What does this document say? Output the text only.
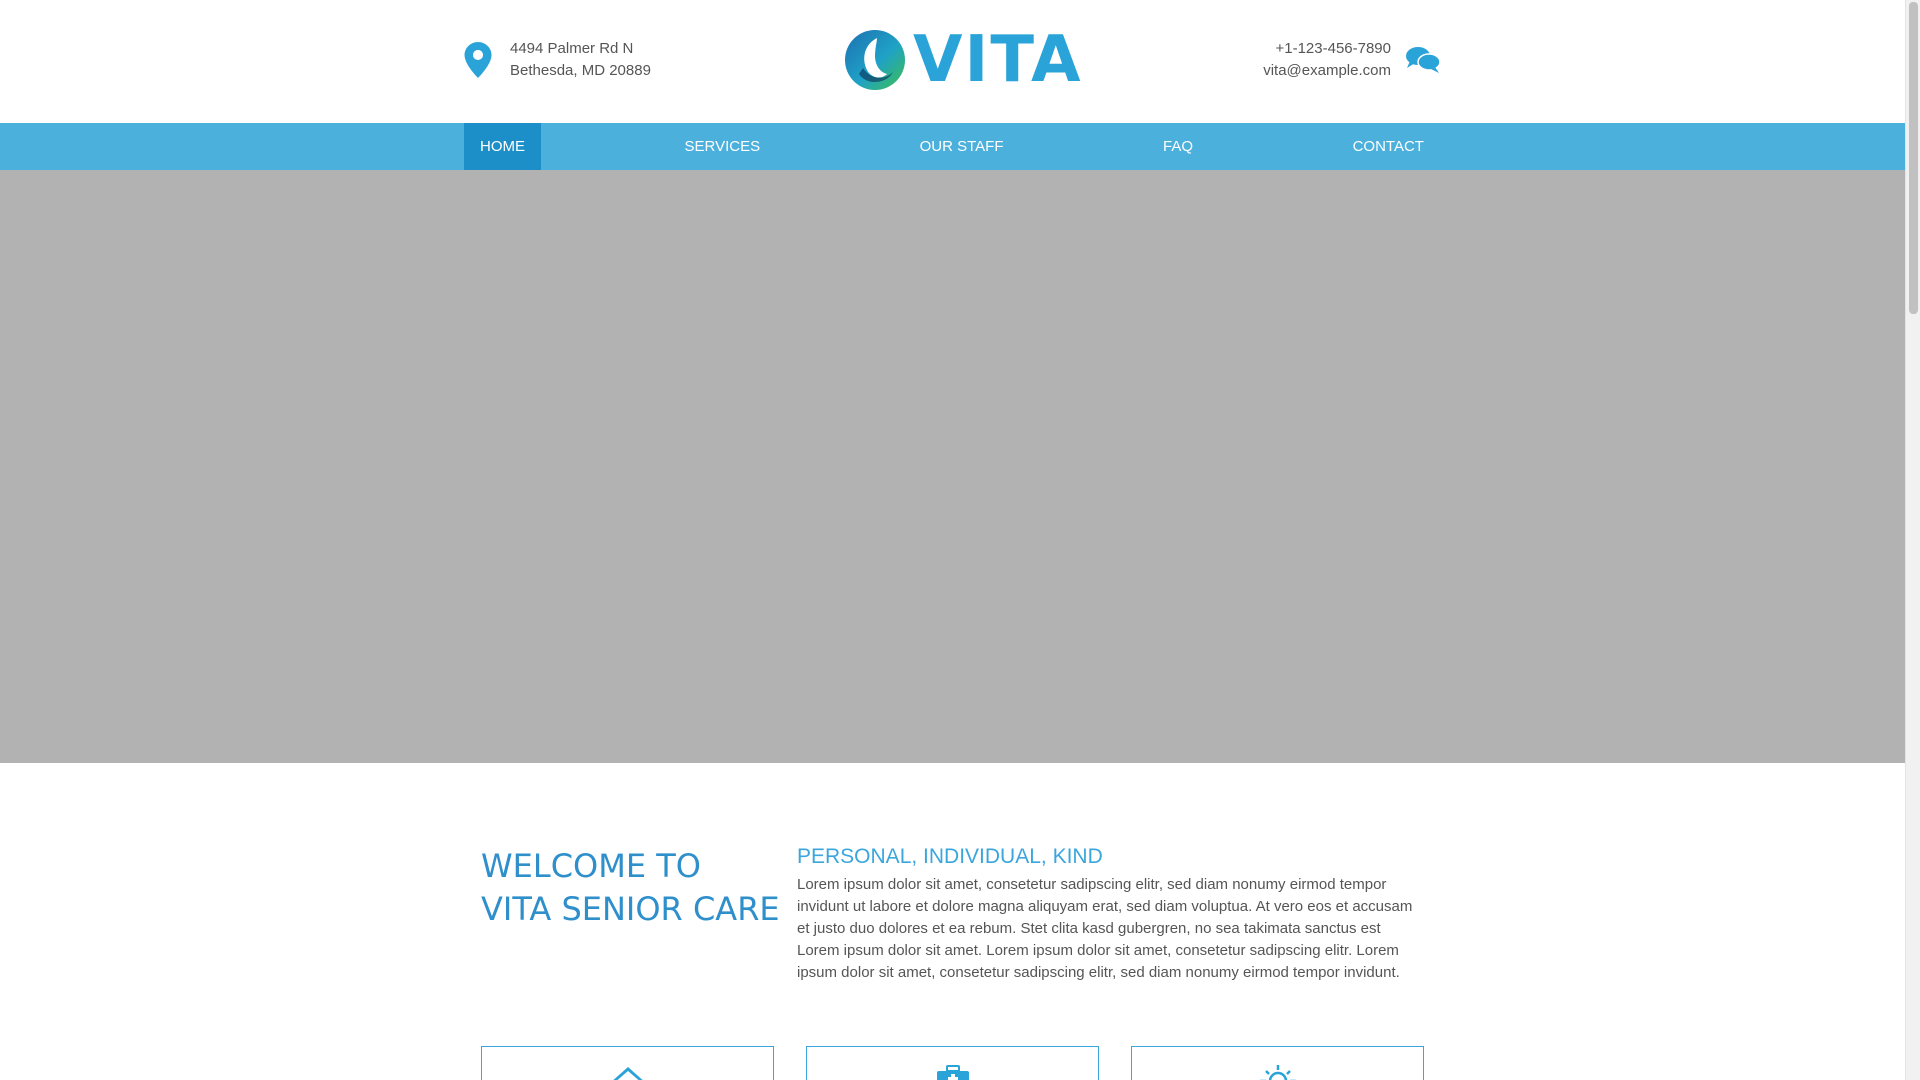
4494 Palmer Rd N
Bethesda, MD 20889	VITA	+1-123-456-7890
vita@example.com
HOME	SERVICES	OUR STAFF	FAQ	CONTACT
WELCOME TO
VITA SENIOR CARE
PERSONAL, INDIVIDUAL, KIND
Lorem ipsum dolor sit amet, consetetur sadipscing elitr, sed diam nonumy eirmod tempor invidunt ut labore et dolore magna aliquyam erat, sed diam voluptua. At vero eos et accusam et justo duo dolores et ea rebum. Stet clita kasd gubergren, no sea takimata sanctus est Lorem ipsum dolor sit amet. Lorem ipsum dolor sit amet, consetetur sadipscing elitr. Lorem ipsum dolor sit amet, consetetur sadipscing elitr, sed diam nonumy eirmod tempor invidunt.
